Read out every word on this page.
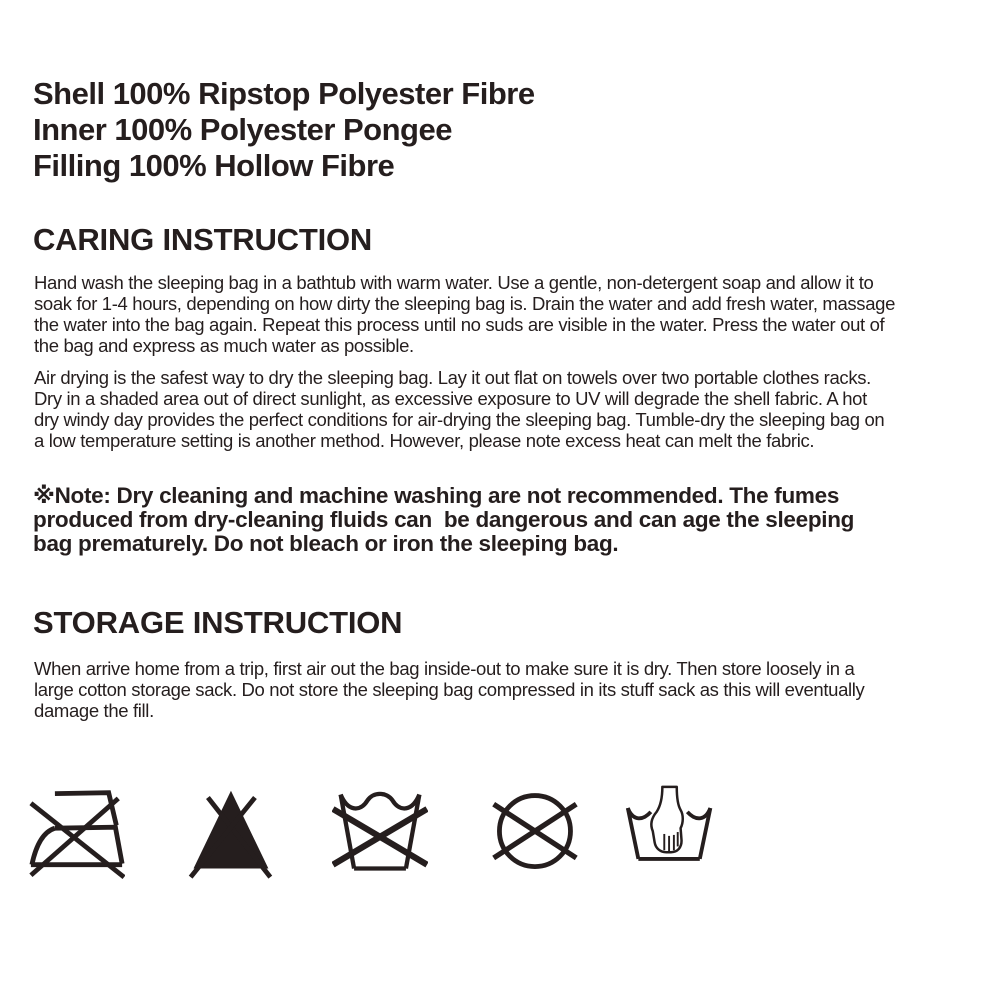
Shell 100% Ripstop Polyester Fibre
Inner 100% Polyester Pongee
Filling 100% Hollow Fibre
CARING INSTRUCTION
Hand wash the sleeping bag in a bathtub with warm water. Use a gentle, non-detergent soap and allow it to
soak for 1-4 hours, depending on how dirty the sleeping bag is. Drain the water and add fresh water, massage
the water into the bag again. Repeat this process until no suds are visible in the water. Press the water out of
the bag and express as much water as possible.
Air drying is the safest way to dry the sleeping bag. Lay it out flat on towels over two portable clothes racks.
Dry in a shaded area out of direct sunlight, as excessive exposure to UV will degrade the shell fabric. A hot
dry windy day provides the perfect conditions for air-drying the sleeping bag. Tumble-dry the sleeping bag on
a low temperature setting is another method. However, please note excess heat can melt the fabric.
※Note: Dry cleaning and machine washing are not recommended. The fumes
produced from dry-cleaning fluids can  be dangerous and can age the sleeping
bag prematurely. Do not bleach or iron the sleeping bag.
STORAGE INSTRUCTION
When arrive home from a trip, first air out the bag inside-out to make sure it is dry. Then store loosely in a
large cotton storage sack. Do not store the sleeping bag compressed in its stuff sack as this will eventually
damage the fill.
